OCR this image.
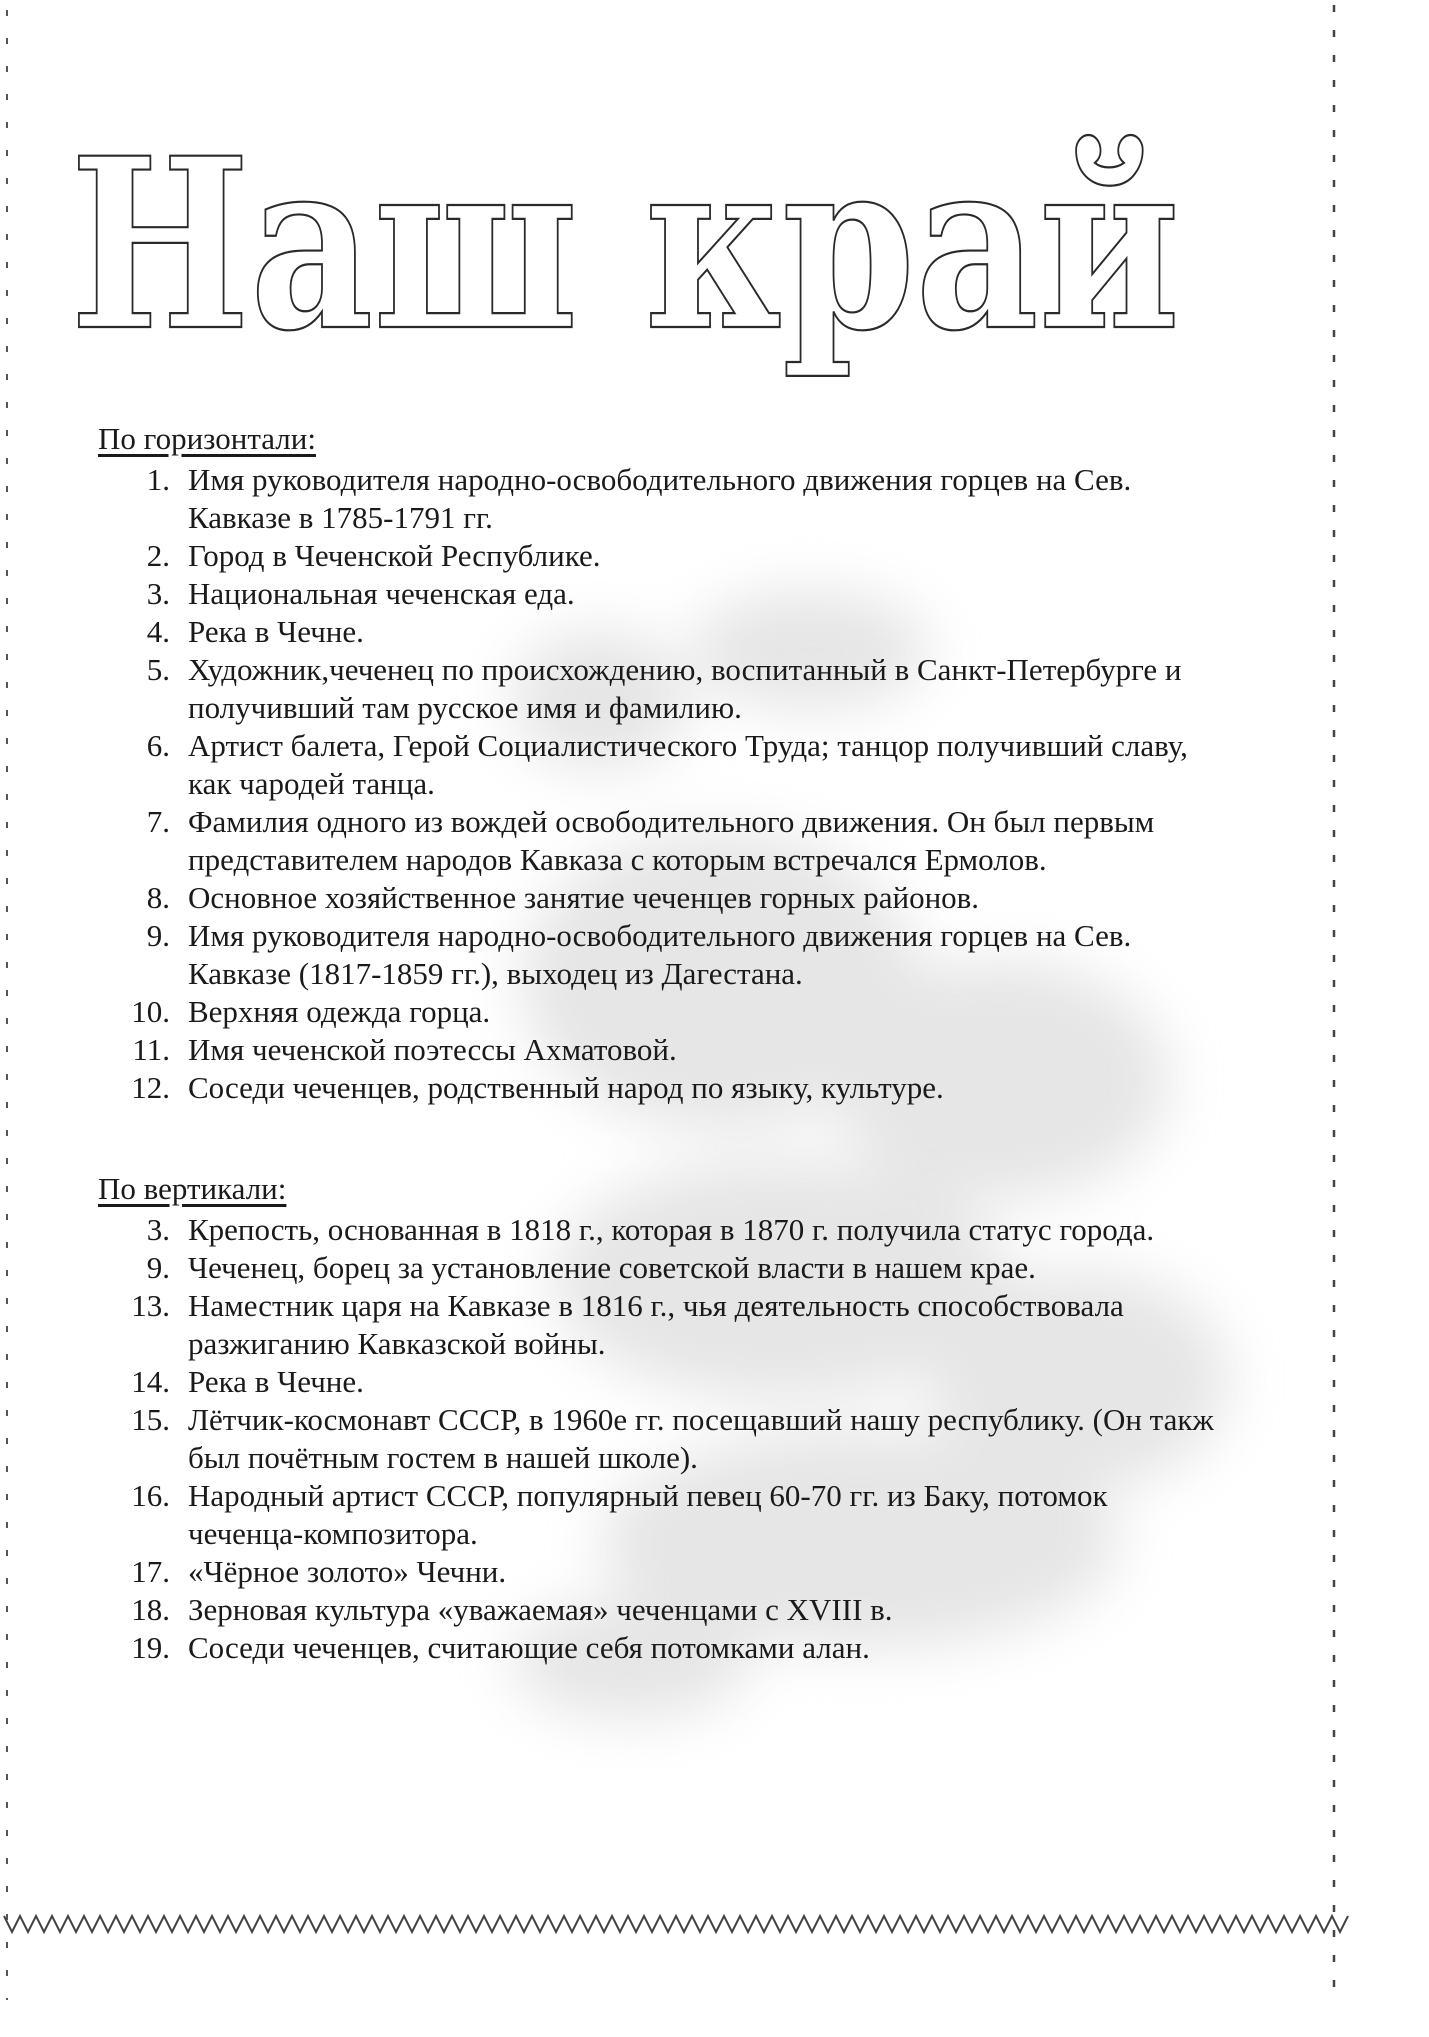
Наш край
По горизонтали:
По вертикали:
1. Имя руководителя народно-освободительного движения горцев на Сев.
Кавказе в 1785-1791 гг.
2. Город в Чеченской Республике.
3. Национальная чеченская еда.
4. Река в Чечне.
5. Художник,чеченец по происхождению, воспитанный в Санкт-Петербурге и
получивший там русское имя и фамилию.
6. Артист балета, Герой Социалистического Труда; танцор получивший славу,
как чародей танца.
7. Фамилия одного из вождей освободительного движения. Он был первым
представителем народов Кавказа с которым встречался Ермолов.
8. Основное хозяйственное занятие чеченцев горных районов.
9. Имя руководителя народно-освободительного движения горцев на Сев.
Кавказе (1817-1859 гг.), выходец из Дагестана.
10. Верхняя одежда горца.
11. Имя чеченской поэтессы Ахматовой.
12. Соседи чеченцев, родственный народ по языку, культуре.
3. Крепость, основанная в 1818 г., которая в 1870 г. получила статус города.
9. Чеченец, борец за установление советской власти в нашем крае.
13. Наместник царя на Кавказе в 1816 г., чья деятельность способствовала
разжиганию Кавказской войны.
14. Река в Чечне.
15. Лётчик-космонавт СССР, в 1960е гг. посещавший нашу республику. (Он такж
был почётным гостем в нашей школе).
16. Народный артист СССР, популярный певец 60-70 гг. из Баку, потомок
чеченца-композитора.
17. «Чёрное золото» Чечни.
18. Зерновая культура «уважаемая» чеченцами с XVIII в.
19. Соседи чеченцев, считающие себя потомками алан.
